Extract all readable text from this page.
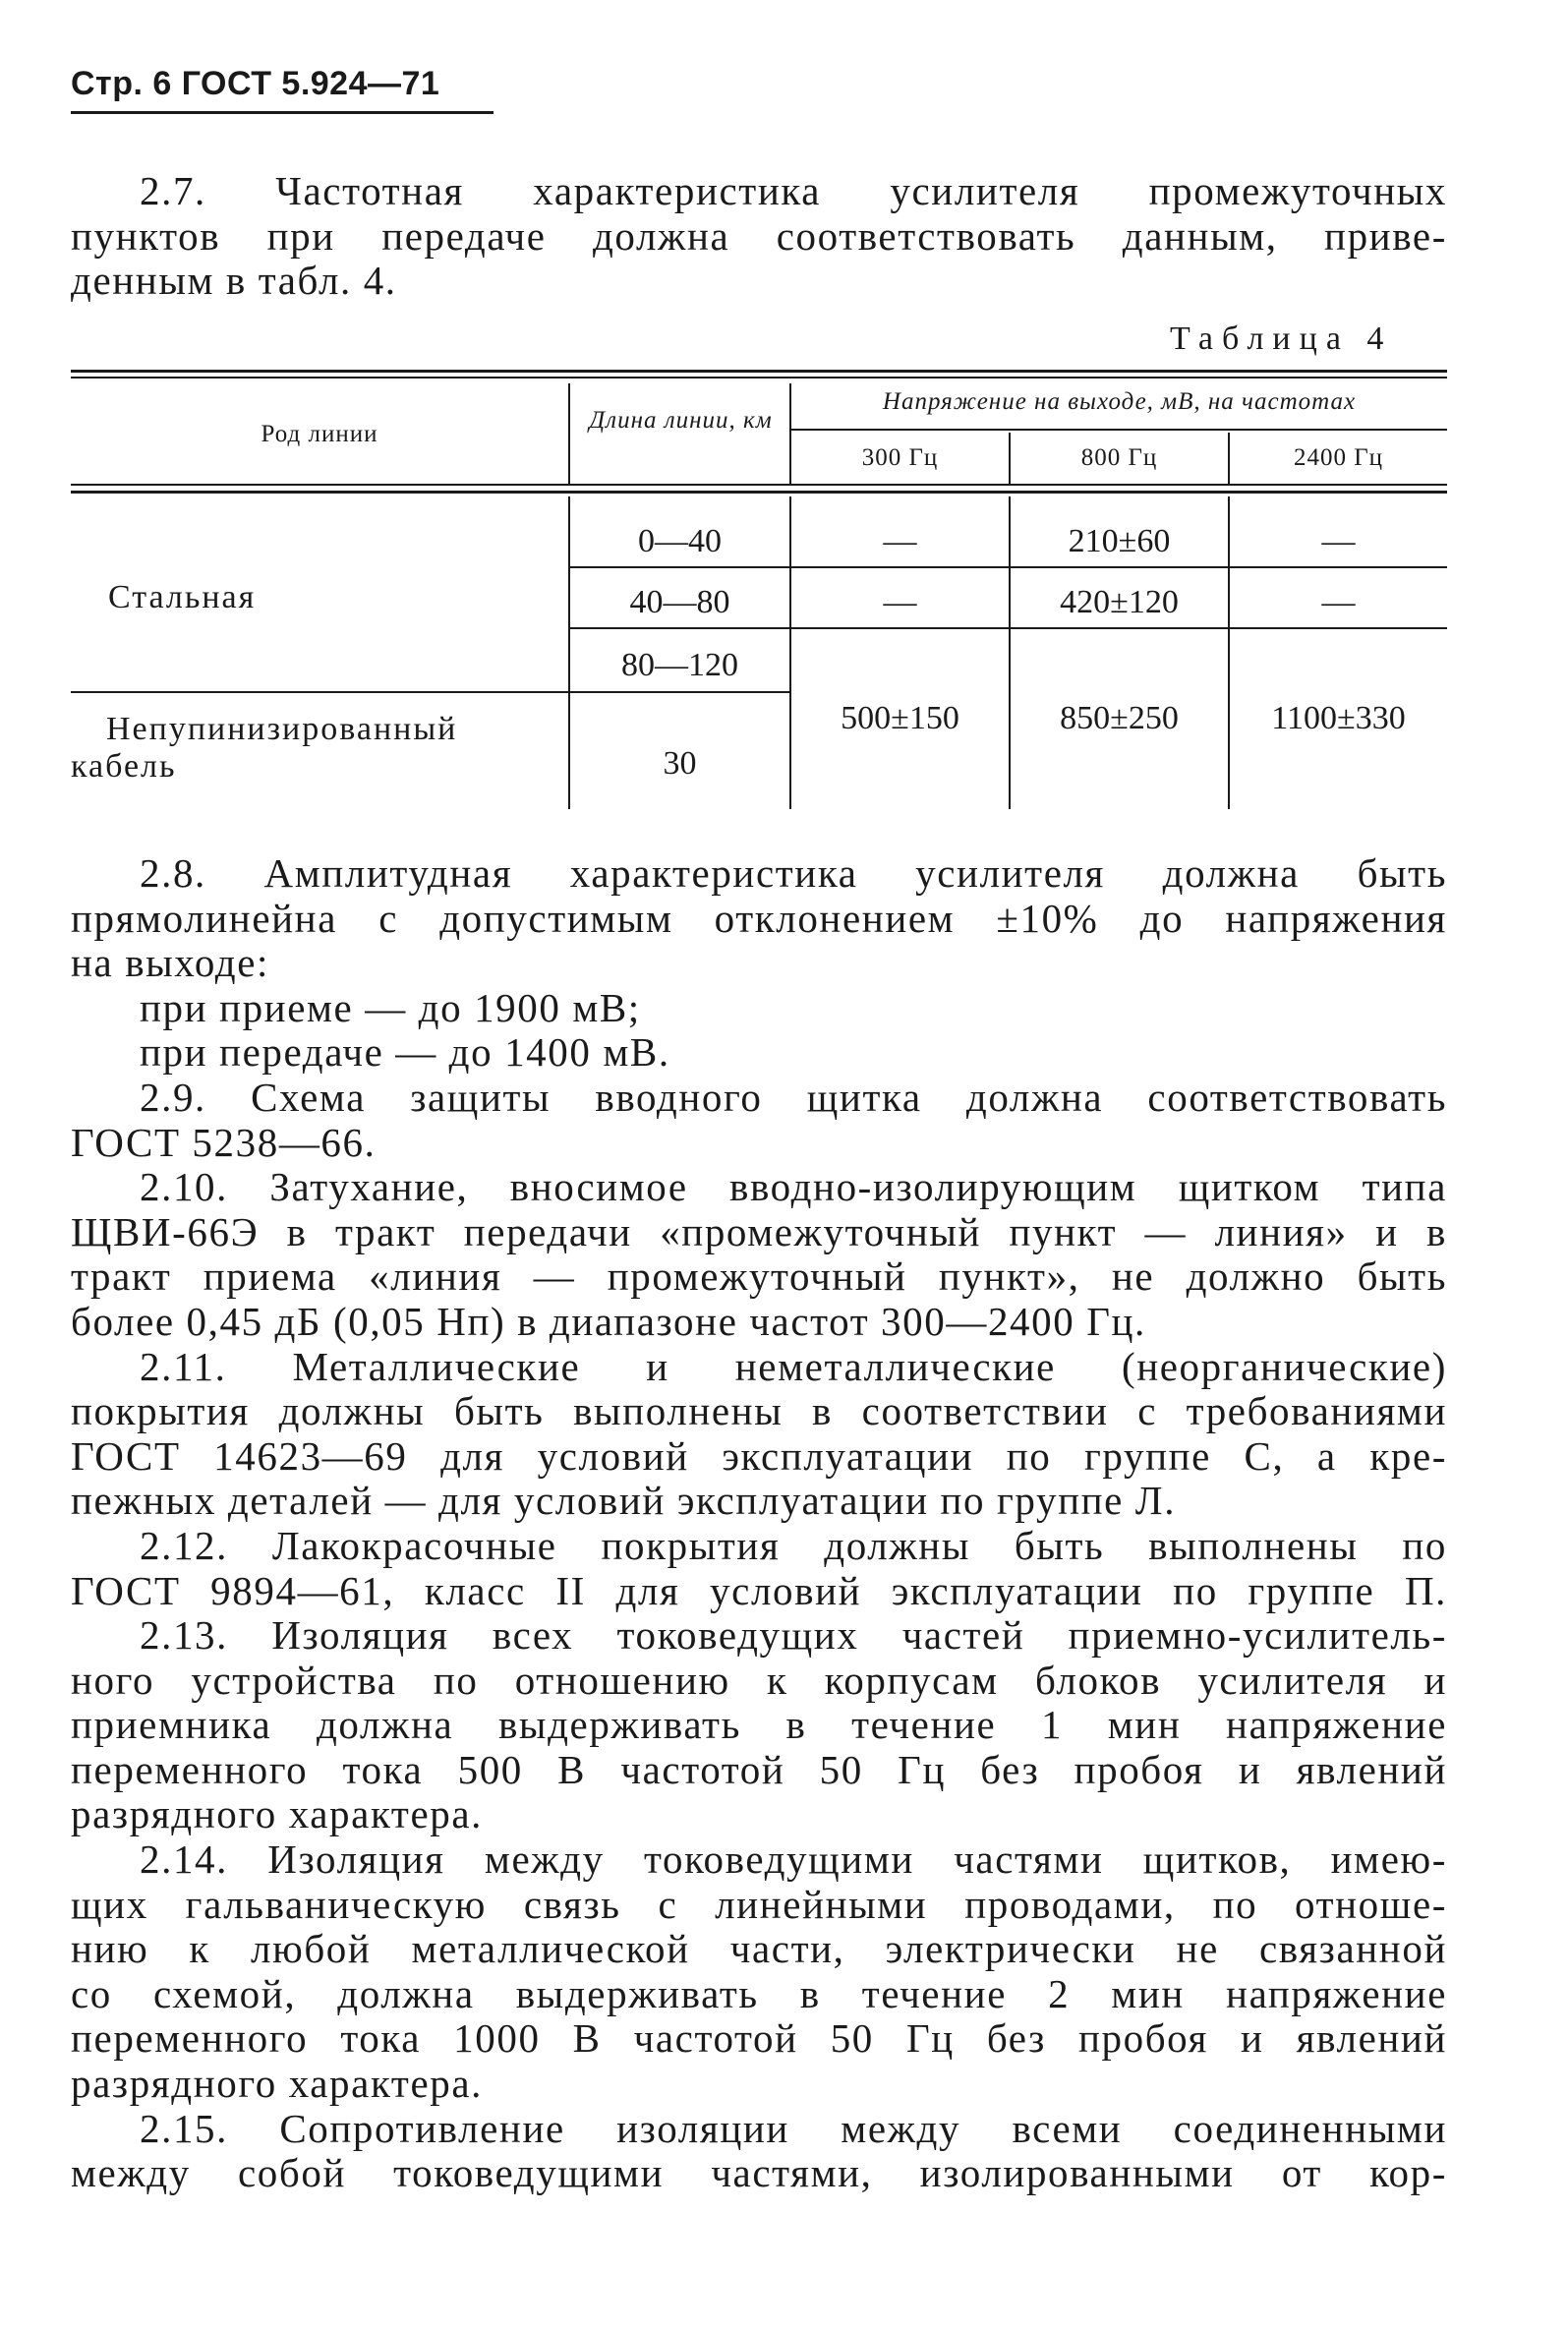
Стр. 6 ГОСТ 5.924—71
2.7. Частотная характеристика усилителя промежуточных
пунктов при передаче должна соответствовать данным, приве-
денным в табл. 4.
Таблица 4
Род линии
Длина линии, км
Напряжение на выходе, мВ, на частотах
300 Гц	800 Гц	2400 Гц
Стальная
Непупинизированный
кабель
0—40
40—80
80—120
30
—
—
500±150
210±60
420±120
850±250
—
—
1100±330
2.8. Амплитудная характеристика усилителя должна быть
прямолинейна с допустимым отклонением ±10% до напряжения
на выходе:
при приеме — до 1900 мВ;
при передаче — до 1400 мВ.
2.9. Схема защиты вводного щитка должна соответствовать
ГОСТ 5238—66.
2.10. Затухание, вносимое вводно-изолирующим щитком типа
ЩВИ-66Э в тракт передачи «промежуточный пункт — линия» и в
тракт приема «линия — промежуточный пункт», не должно быть
более 0,45 дБ (0,05 Нп) в диапазоне частот 300—2400 Гц.
2.11. Металлические и неметаллические (неорганические)
покрытия должны быть выполнены в соответствии с требованиями
ГОСТ 14623—69 для условий эксплуатации по группе С, а кре-
пежных деталей — для условий эксплуатации по группе Л.
2.12. Лакокрасочные покрытия должны быть выполнены по
ГОСТ 9894—61, класс II для условий эксплуатации по группе П.
2.13. Изоляция всех токоведущих частей приемно-усилитель-
ного устройства по отношению к корпусам блоков усилителя и
приемника должна выдерживать в течение 1 мин напряжение
переменного тока 500 В частотой 50 Гц без пробоя и явлений
разрядного характера.
2.14. Изоляция между токоведущими частями щитков, имею-
щих гальваническую связь с линейными проводами, по отноше-
нию к любой металлической части, электрически не связанной
со схемой, должна выдерживать в течение 2 мин напряжение
переменного тока 1000 В частотой 50 Гц без пробоя и явлений
разрядного характера.
2.15. Сопротивление изоляции между всеми соединенными
между собой токоведущими частями, изолированными от кор-
